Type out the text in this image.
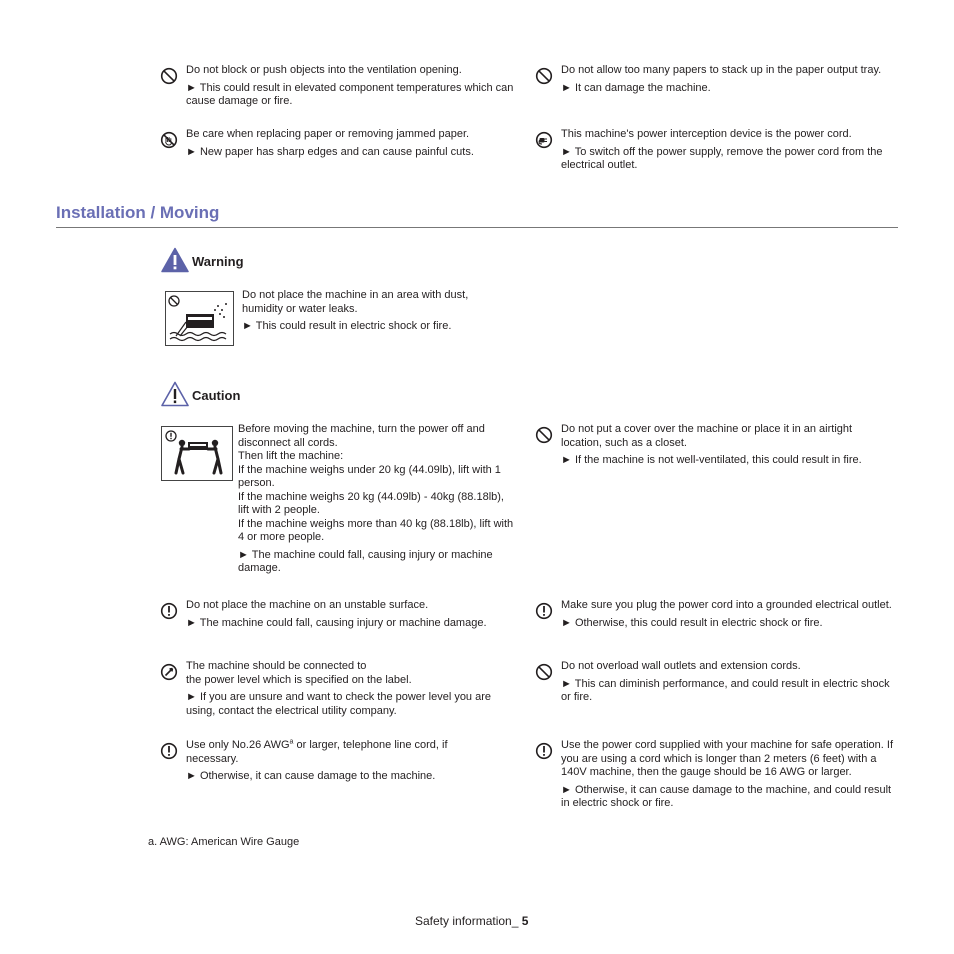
Do not block or push objects into the ventilation opening.

► This could result in elevated component temperatures which can cause damage or fire.

Do not allow too many papers to stack up in the paper output tray.

► It can damage the machine.

Be care when replacing paper or removing jammed paper.

► New paper has sharp edges and can cause painful cuts.

This machine's power interception device is the power cord.

► To switch off the power supply, remove the power cord from the electrical outlet.

Installation / Moving
Warning

Do not place the machine in an area with dust, humidity or water leaks.

► This could result in electric shock or fire.

Caution

Before moving the machine, turn the power off and disconnect all cords.

Then lift the machine:

If the machine weighs under 20 kg (44.09lb), lift with 1 person.

If the machine weighs 20 kg (44.09lb) - 40kg (88.18lb), lift with 2 people.

If the machine weighs more than 40 kg (88.18lb), lift with 4 or more people.

► The machine could fall, causing injury or machine damage.

Do not put a cover over the machine or place it in an airtight location, such as a closet.

► If the machine is not well-ventilated, this could result in fire.

Do not place the machine on an unstable surface.

► The machine could fall, causing injury or machine damage.

Make sure you plug the power cord into a grounded electrical outlet.

► Otherwise, this could result in electric shock or fire.

The machine should be connected to

the power level which is specified on the label.

► If you are unsure and want to check the power level you are using, contact the electrical utility company.

Do not overload wall outlets and extension cords.

► This can diminish performance, and could result in electric shock or fire.

Use only No.26 AWG$^a$ or larger, telephone line cord, if necessary.

► Otherwise, it can cause damage to the machine.

Use the power cord supplied with your machine for safe operation. If you are using a cord which is longer than 2 meters (6 feet) with a 140V machine, then the gauge should be 16 AWG or larger.

► Otherwise, it can cause damage to the machine, and could result in electric shock or fire.

a. AWG: American Wire Gauge
Safety information_ 5
